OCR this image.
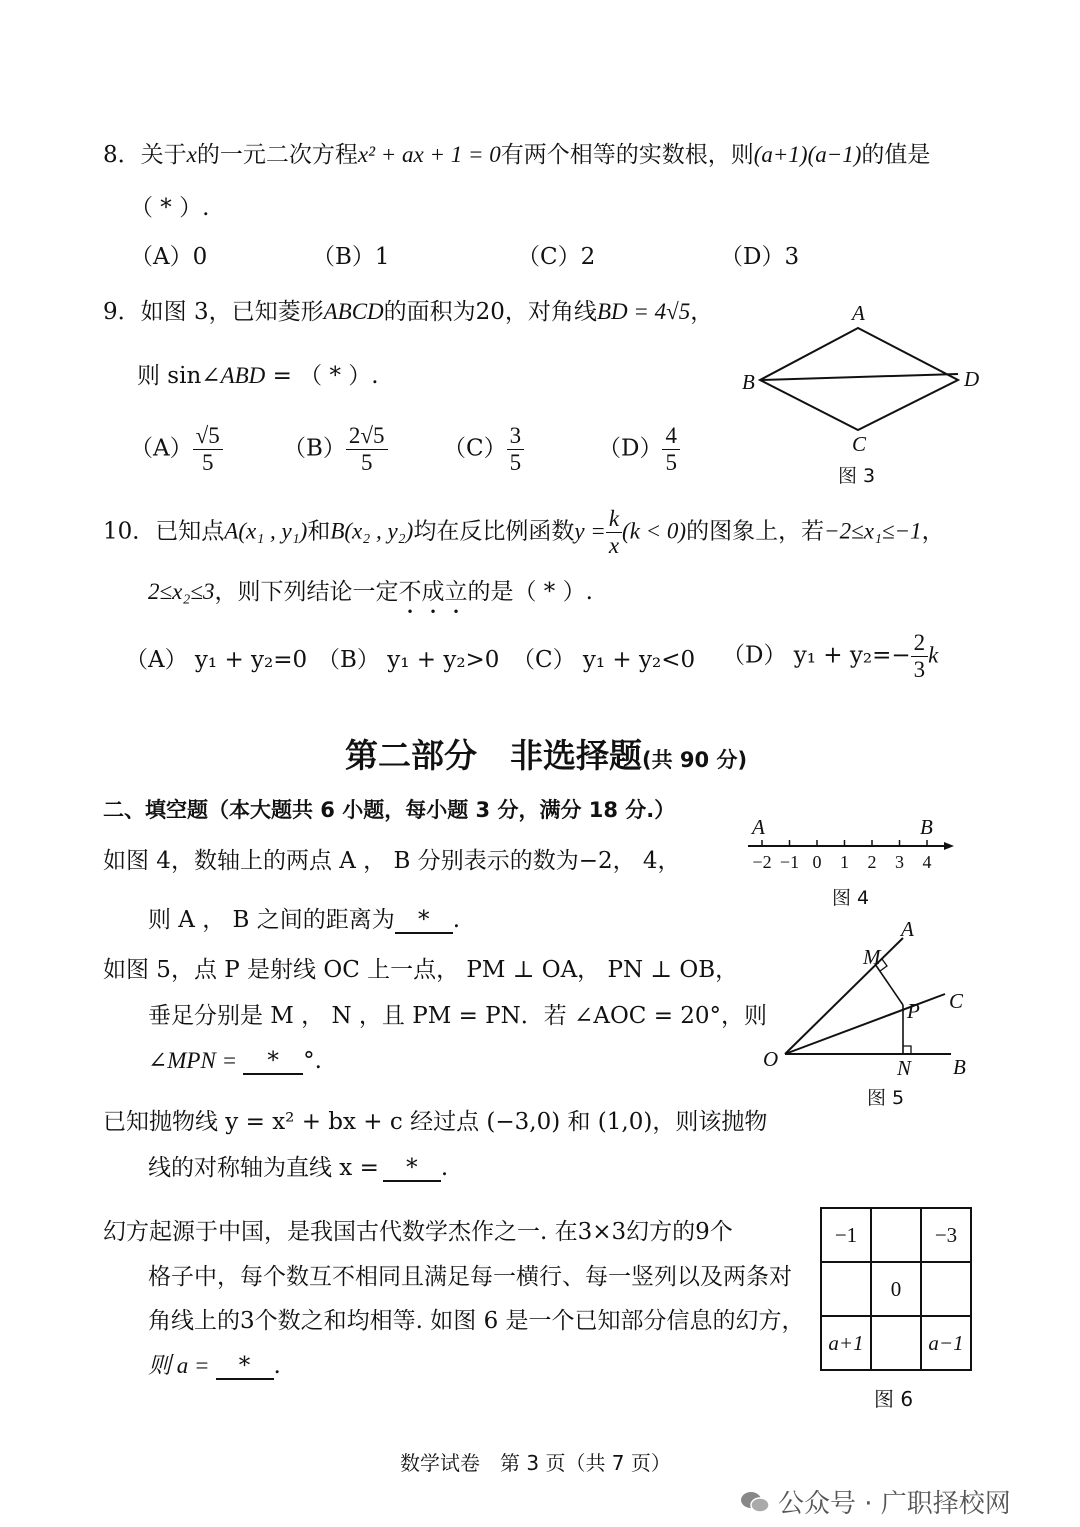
8．关于x的一元二次方程x² + ax + 1 = 0有两个相等的实数根，则(a+1)(a−1)的值是
（ * ）.
（A）0	（B）1	（C）2	（D）3
9．如图 3，已知菱形ABCD的面积为20，对角线BD = 4√5，
则 sin∠ABD = （ * ）.
$(A) \frac{√5}{5}$	$(B) \frac{2√5}{5} (C) \frac{3}{5}$	$(D) \frac{4}{5}$
A
B
C
D
图 3
10．已知点A(x₁ , y₁)和B(x₂ , y₂)均在反比例函数$y = \frac{k}{x} (k < 0)$的图象上，若−2≤x₁≤−1，
2≤x₂≤3，则下列结论一定不成立的是（ * ）.
（A） y₁ + y₂=0 （B） y₁ + y₂>0 （C） y₁ + y₂<0 （D） $y_1 + y_2=- \frac{2}{3}$ k
第二部分　非选择题(共 90 分)
二、填空题（本大题共 6 小题，每小题 3 分，满分 18 分.）
如图 4，数轴上的两点 A ， B 分别表示的数为−2， 4，
则 A ， B 之间的距离为 * .
A	B
−2 −1 0 1 2 3 4
图 4
如图 5，点 P 是射线 OC 上一点， PM ⊥ OA， PN ⊥ OB，
垂足分别是 M ， N ，且 PM = PN．若 ∠AOC = 20°，则
∠MPN = * °.	O
A
C
B
M
P
N
图 5
已知抛物线 y = x² + bx + c 经过点 (−3,0) 和 (1,0)，则该抛物
线的对称轴为直线 x = * .
幻方起源于中国，是我国古代数学杰作之一. 在3×3幻方的9个
格子中，每个数互不相同且满足每一横行、每一竖列以及两条对
角线上的3个数之和均相等. 如图 6 是一个已知部分信息的幻方，
则 a = * .
−1		−3
	0	
a+1		a−1
图 6
数学试卷　第 3 页（共 7 页）
公众号 · 广职择校网
